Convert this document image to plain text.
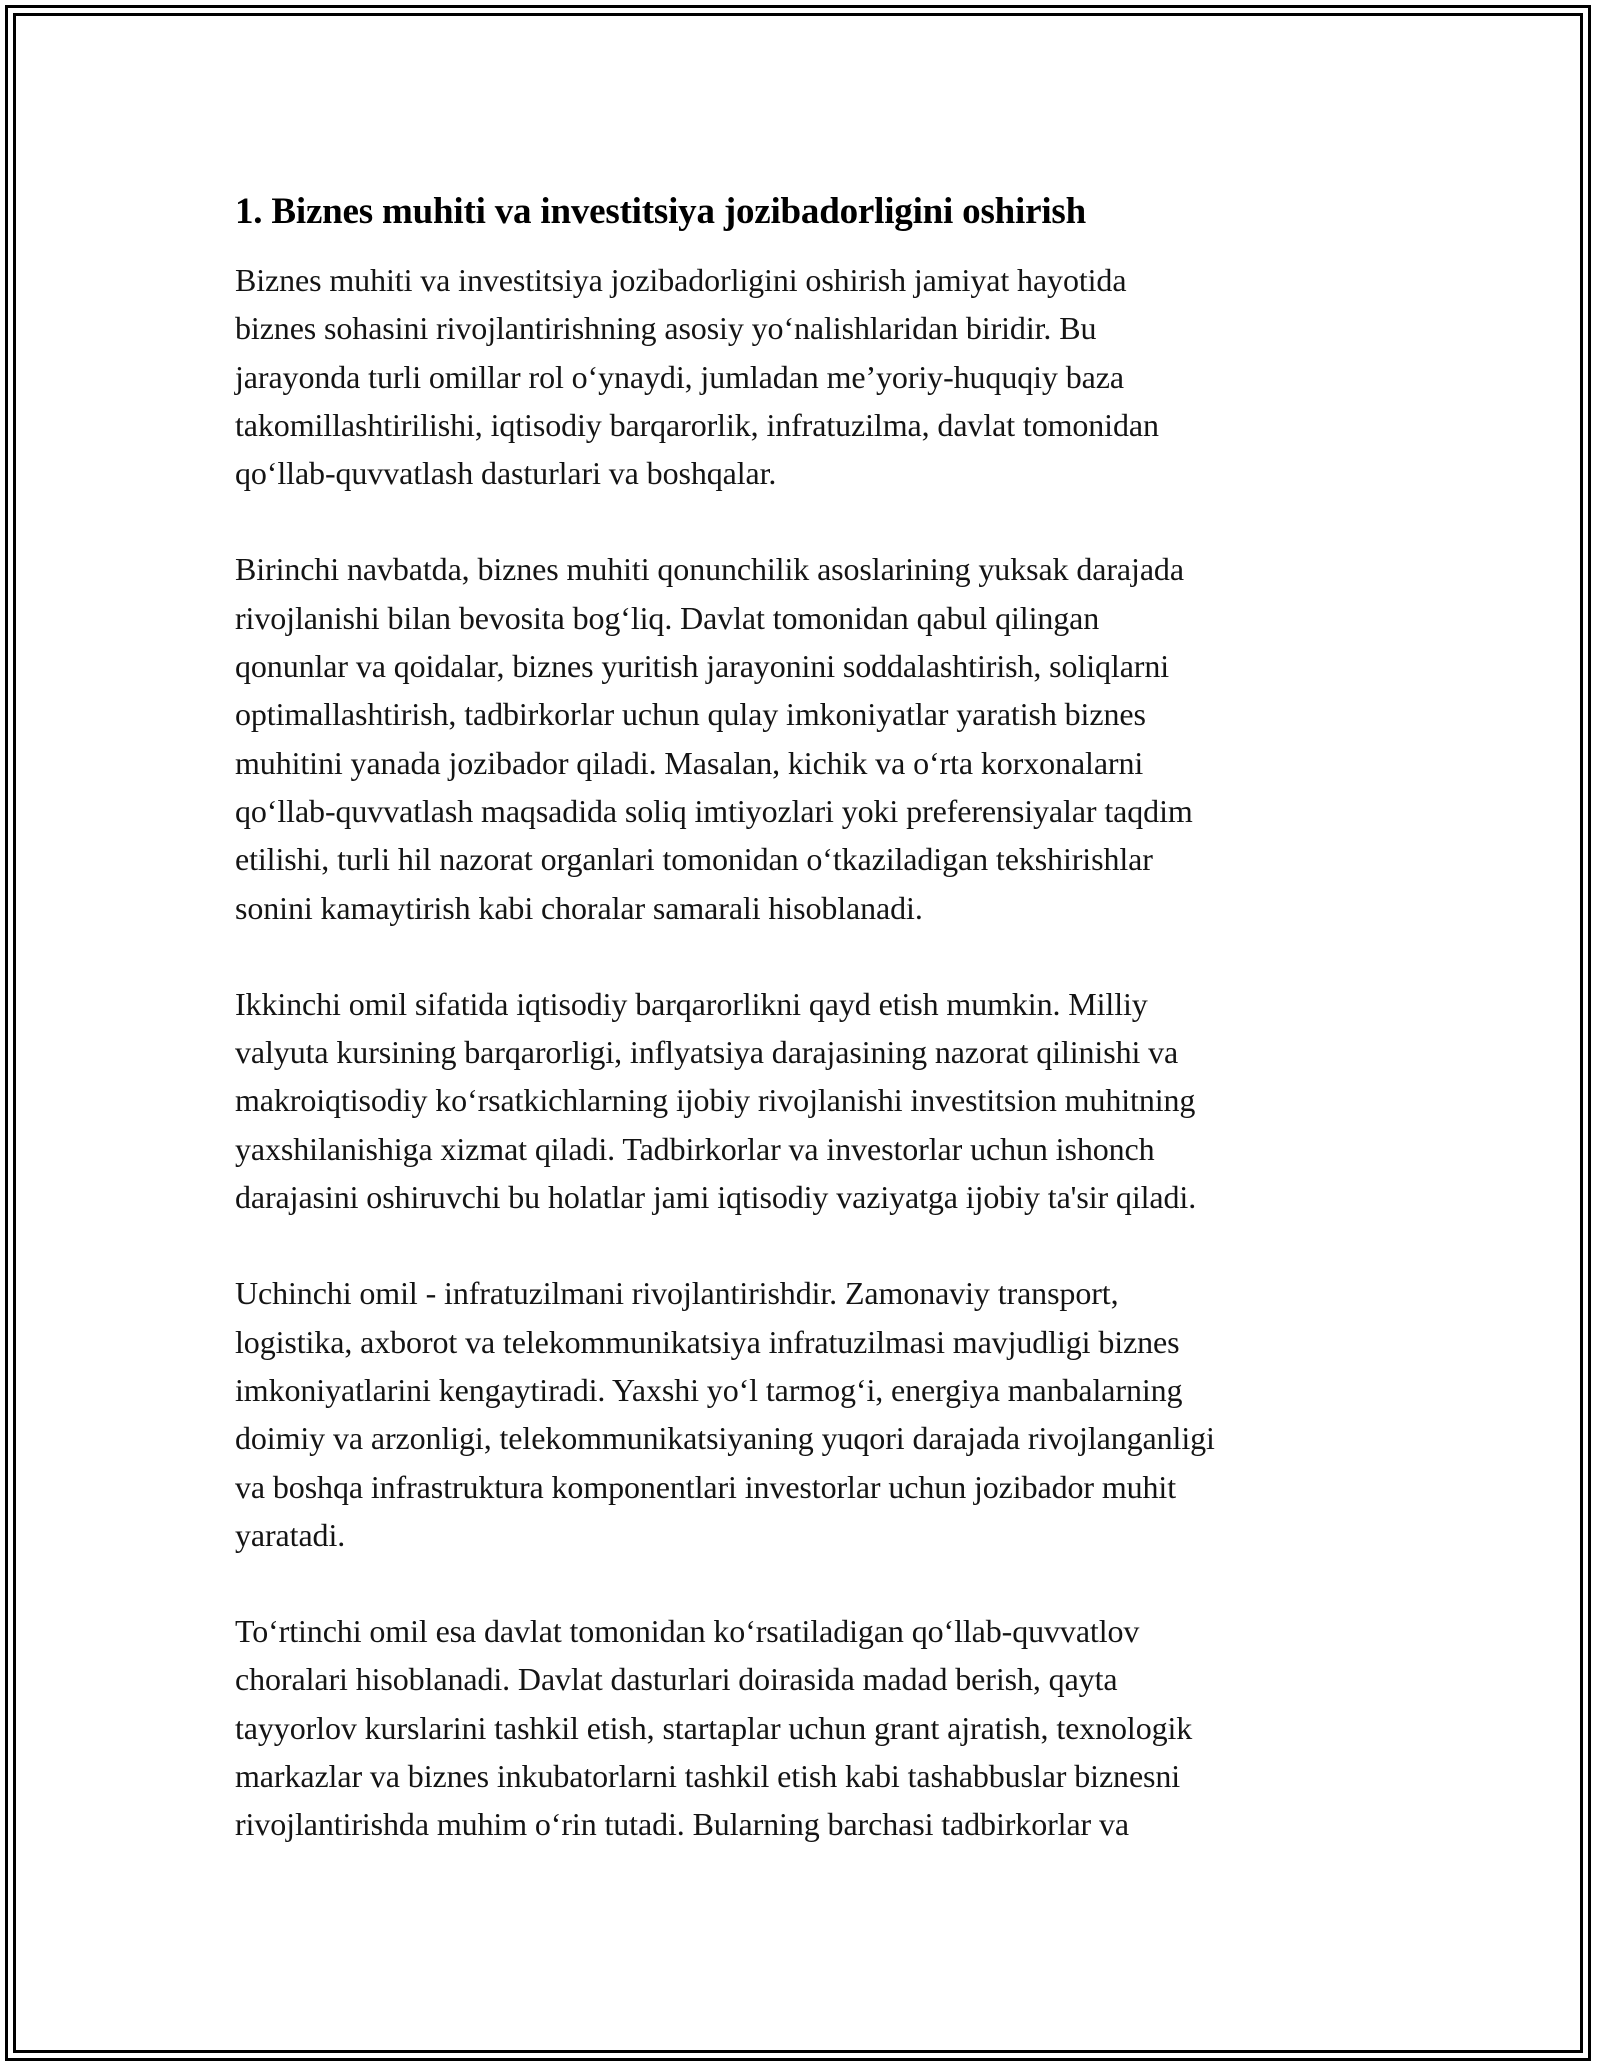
1. Biznes muhiti va investitsiya jozibadorligini oshirish

Biznes muhiti va investitsiya jozibadorligini oshirish jamiyat hayotida
biznes sohasini rivojlantirishning asosiy yo‘nalishlaridan biridir. Bu
jarayonda turli omillar rol o‘ynaydi, jumladan me’yoriy-huquqiy baza
takomillashtirilishi, iqtisodiy barqarorlik, infratuzilma, davlat tomonidan
qo‘llab-quvvatlash dasturlari va boshqalar.

Birinchi navbatda, biznes muhiti qonunchilik asoslarining yuksak darajada
rivojlanishi bilan bevosita bog‘liq. Davlat tomonidan qabul qilingan
qonunlar va qoidalar, biznes yuritish jarayonini soddalashtirish, soliqlarni
optimallashtirish, tadbirkorlar uchun qulay imkoniyatlar yaratish biznes
muhitini yanada jozibador qiladi. Masalan, kichik va o‘rta korxonalarni
qo‘llab-quvvatlash maqsadida soliq imtiyozlari yoki preferensiyalar taqdim
etilishi, turli hil nazorat organlari tomonidan o‘tkaziladigan tekshirishlar
sonini kamaytirish kabi choralar samarali hisoblanadi.

Ikkinchi omil sifatida iqtisodiy barqarorlikni qayd etish mumkin. Milliy
valyuta kursining barqarorligi, inflyatsiya darajasining nazorat qilinishi va
makroiqtisodiy ko‘rsatkichlarning ijobiy rivojlanishi investitsion muhitning
yaxshilanishiga xizmat qiladi. Tadbirkorlar va investorlar uchun ishonch
darajasini oshiruvchi bu holatlar jami iqtisodiy vaziyatga ijobiy ta'sir qiladi.

Uchinchi omil - infratuzilmani rivojlantirishdir. Zamonaviy transport,
logistika, axborot va telekommunikatsiya infratuzilmasi mavjudligi biznes
imkoniyatlarini kengaytiradi. Yaxshi yo‘l tarmog‘i, energiya manbalarning
doimiy va arzonligi, telekommunikatsiyaning yuqori darajada rivojlanganligi
va boshqa infrastruktura komponentlari investorlar uchun jozibador muhit
yaratadi.

To‘rtinchi omil esa davlat tomonidan ko‘rsatiladigan qo‘llab-quvvatlov
choralari hisoblanadi. Davlat dasturlari doirasida madad berish, qayta
tayyorlov kurslarini tashkil etish, startaplar uchun grant ajratish, texnologik
markazlar va biznes inkubatorlarni tashkil etish kabi tashabbuslar biznesni
rivojlantirishda muhim o‘rin tutadi. Bularning barchasi tadbirkorlar va
